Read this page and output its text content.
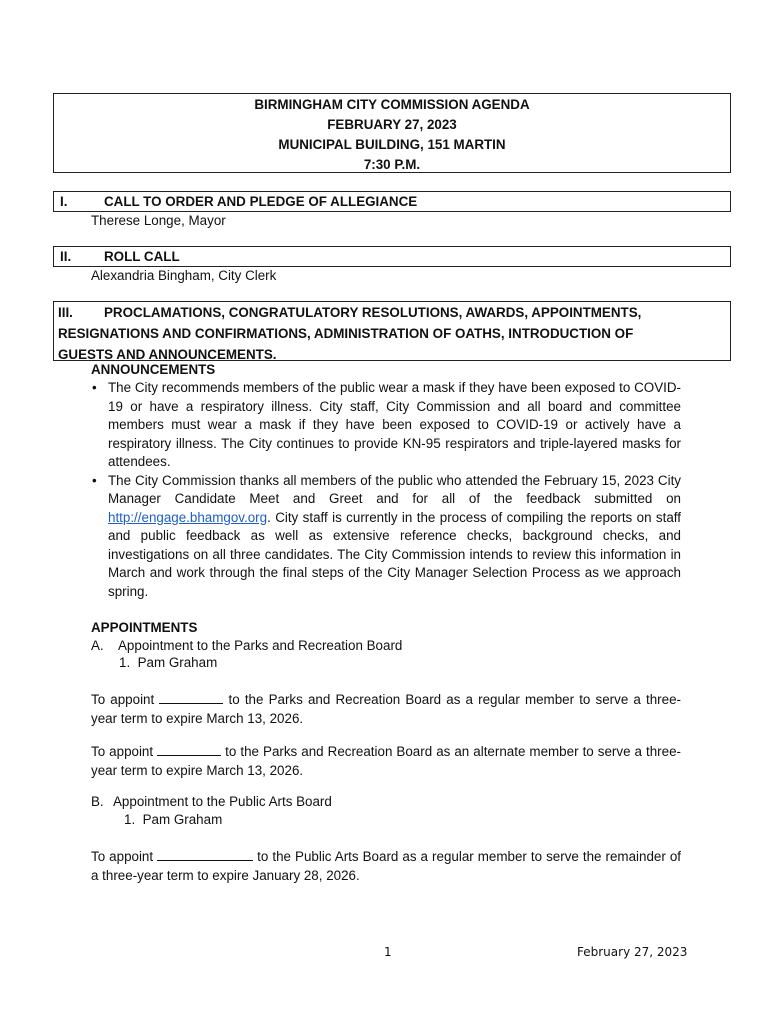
BIRMINGHAM CITY COMMISSION AGENDA
FEBRUARY 27, 2023
MUNICIPAL BUILDING, 151 MARTIN
7:30 P.M.
I.	CALL TO ORDER AND PLEDGE OF ALLEGIANCE
Therese Longe, Mayor
II. ROLL CALL
Alexandria Bingham, City Clerk
III. PROCLAMATIONS, CONGRATULATORY RESOLUTIONS, AWARDS, APPOINTMENTS,
RESIGNATIONS AND CONFIRMATIONS, ADMINISTRATION OF OATHS, INTRODUCTION OF
GUESTS AND ANNOUNCEMENTS.
ANNOUNCEMENTS
• The City recommends members of the public wear a mask if they have been exposed to COVID-19 or have a respiratory illness. City staff, City Commission and all board and committee members must wear a mask if they have been exposed to COVID-19 or actively have a respiratory illness. The City continues to provide KN-95 respirators and triple-layered masks for attendees.
• The City Commission thanks all members of the public who attended the February 15, 2023 City Manager Candidate Meet and Greet and for all of the feedback submitted on http://engage.bhamgov.org. City staff is currently in the process of compiling the reports on staff and public feedback as well as extensive reference checks, background checks, and investigations on all three candidates. The City Commission intends to review this information in March and work through the final steps of the City Manager Selection Process as we approach spring.
APPOINTMENTS
A. Appointment to the Parks and Recreation Board
1.  Pam Graham
To appoint	to the Parks and Recreation Board as a regular member to serve a three-year term to expire March 13, 2026.
To appoint	to the Parks and Recreation Board as an alternate member to serve a three-year term to expire March 13, 2026.
B. Appointment to the Public Arts Board
1.  Pam Graham
To appoint	to the Public Arts Board as a regular member to serve the remainder of a three-year term to expire January 28, 2026.
1	February 27, 2023
